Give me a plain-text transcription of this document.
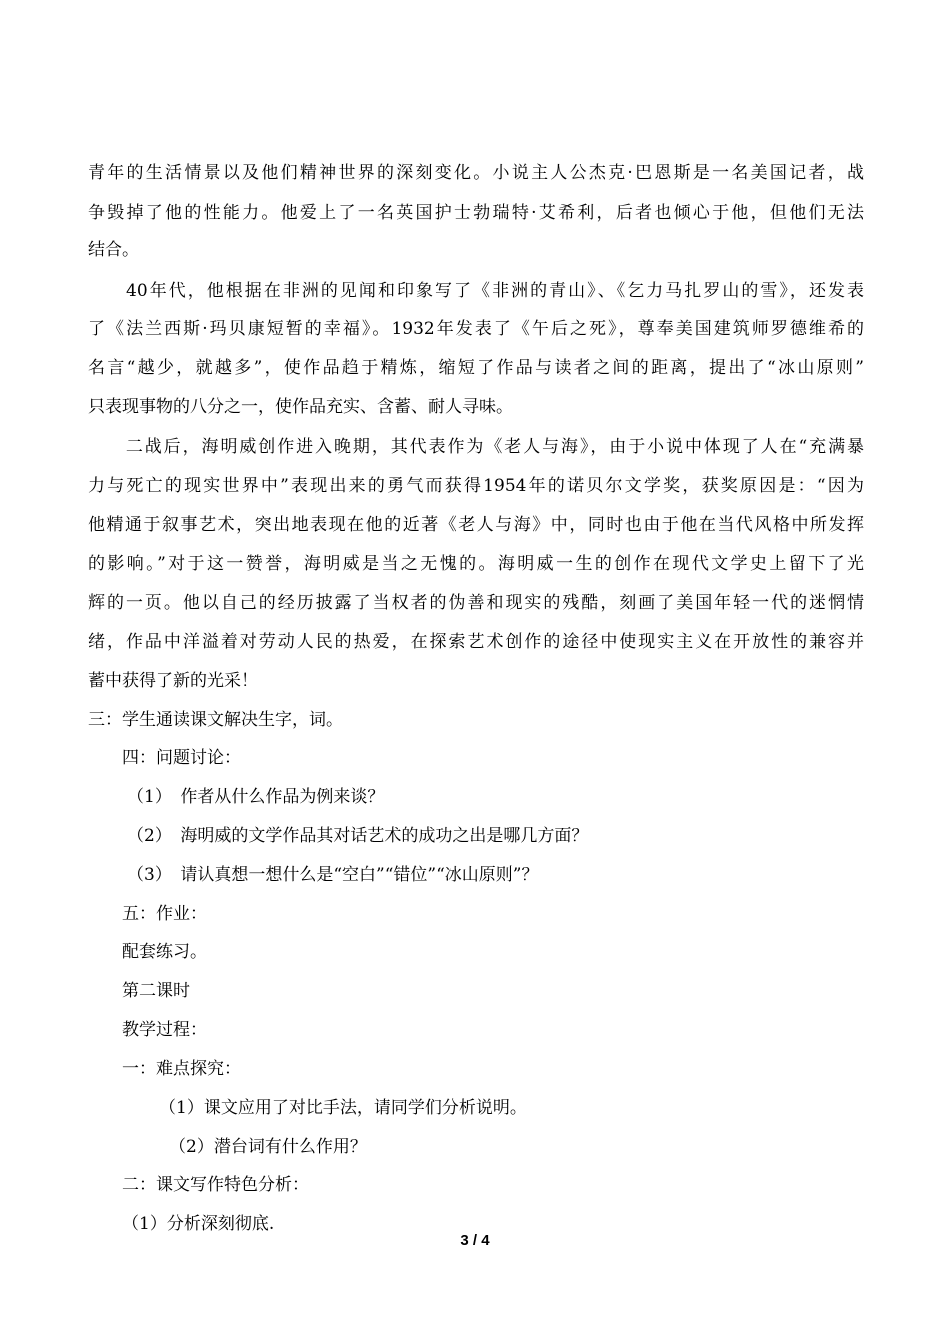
青年的生活情景以及他们精神世界的深刻变化。小说主人公杰克·巴恩斯是一名美国记者，战
争毁掉了他的性能力。他爱上了一名英国护士勃瑞特·艾希利，后者也倾心于他，但他们无法
结合。
　　40年代，他根据在非洲的见闻和印象写了《非洲的青山》、《乞力马扎罗山的雪》，还发表
了《法兰西斯·玛贝康短暂的幸福》。1932年发表了《午后之死》，尊奉美国建筑师罗德维希的
名言“越少，就越多”，使作品趋于精炼，缩短了作品与读者之间的距离，提出了“冰山原则”
只表现事物的八分之一，使作品充实、含蓄、耐人寻味。
　　二战后，海明威创作进入晚期，其代表作为《老人与海》，由于小说中体现了人在“充满暴
力与死亡的现实世界中”表现出来的勇气而获得1954年的诺贝尔文学奖，获奖原因是：“因为
他精通于叙事艺术，突出地表现在他的近著《老人与海》中，同时也由于他在当代风格中所发挥
的影响。”对于这一赞誉，海明威是当之无愧的。海明威一生的创作在现代文学史上留下了光
辉的一页。他以自己的经历披露了当权者的伪善和现实的残酷，刻画了美国年轻一代的迷惘情
绪，作品中洋溢着对劳动人民的热爱，在探索艺术创作的途径中使现实主义在开放性的兼容并
蓄中获得了新的光采！
三：学生通读课文解决生字，词。
四：问题讨论：
（1）　作者从什么作品为例来谈？
（2）　海明威的文学作品其对话艺术的成功之出是哪几方面？
（3）　请认真想一想什么是“空白”“错位”“冰山原则”？
五：作业：
配套练习。
第二课时
教学过程：
一：难点探究：
（1）课文应用了对比手法，请同学们分析说明。
（2）潜台词有什么作用？
二：课文写作特色分析：
（1）分析深刻彻底.
3 / 4
